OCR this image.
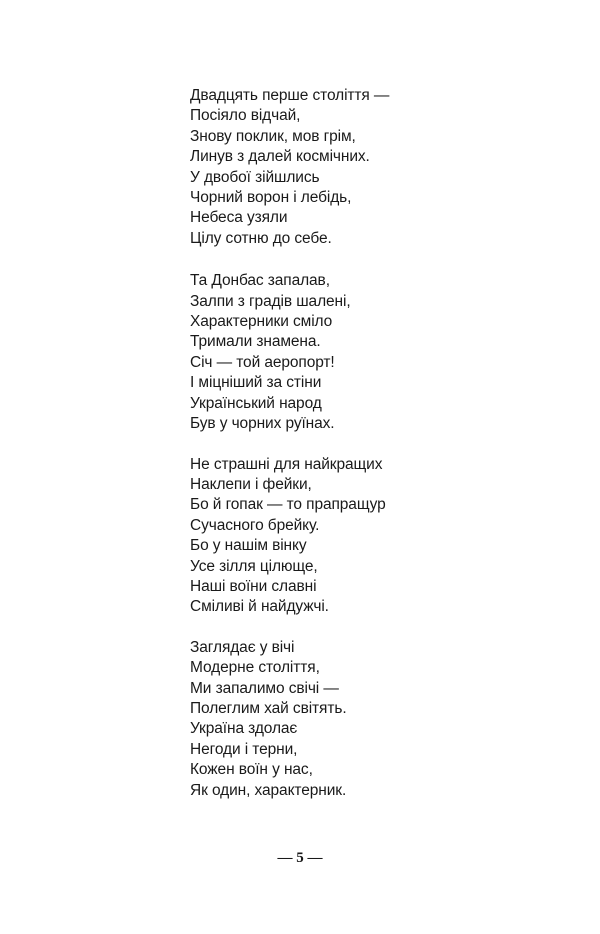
Двадцять перше століття —
Посіяло відчай,
Знову поклик, мов грім,
Линув з далей космічних.
У двобої зійшлись
Чорний ворон і лебідь,
Небеса узяли
Цілу сотню до себе.
Та Донбас запалав,
Залпи з градів шалені,
Характерники сміло
Тримали знамена.
Січ — той аеропорт!
І міцніший за стіни
Український народ
Був у чорних руїнах.
Не страшні для найкращих
Наклепи і фейки,
Бо й гопак — то прапращур
Сучасного брейку.
Бо у нашім вінку
Усе зілля цілюще,
Наші воїни славні
Сміливі й найдужчі.
Заглядає у вічі
Модерне століття,
Ми запалимо свічі —
Полеглим хай світять.
Україна здолає
Негоди і терни,
Кожен воїн у нас,
Як один, характерник.
— 5 —
